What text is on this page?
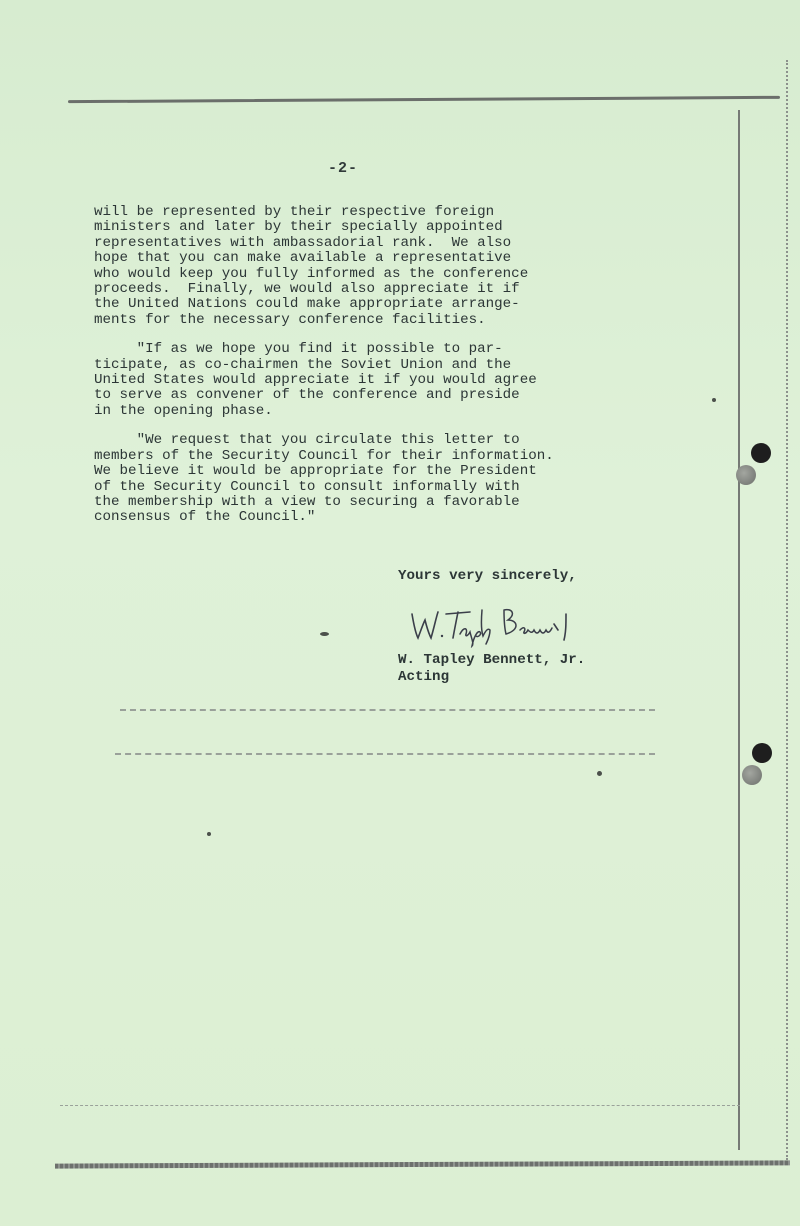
-2-

will be represented by their respective foreign
ministers and later by their specially appointed
representatives with ambassadorial rank.  We also
hope that you can make available a representative
who would keep you fully informed as the conference
proceeds.  Finally, we would also appreciate it if
the United Nations could make appropriate arrange-
ments for the necessary conference facilities.

"If as we hope you find it possible to par-
ticipate, as co-chairmen the Soviet Union and the
United States would appreciate it if you would agree
to serve as convener of the conference and preside
in the opening phase.

"We request that you circulate this letter to
members of the Security Council for their information.
We believe it would be appropriate for the President
of the Security Council to consult informally with
the membership with a view to securing a favorable
consensus of the Council."

Yours very sincerely,
W. Tapley Bennett, Jr.
Acting
